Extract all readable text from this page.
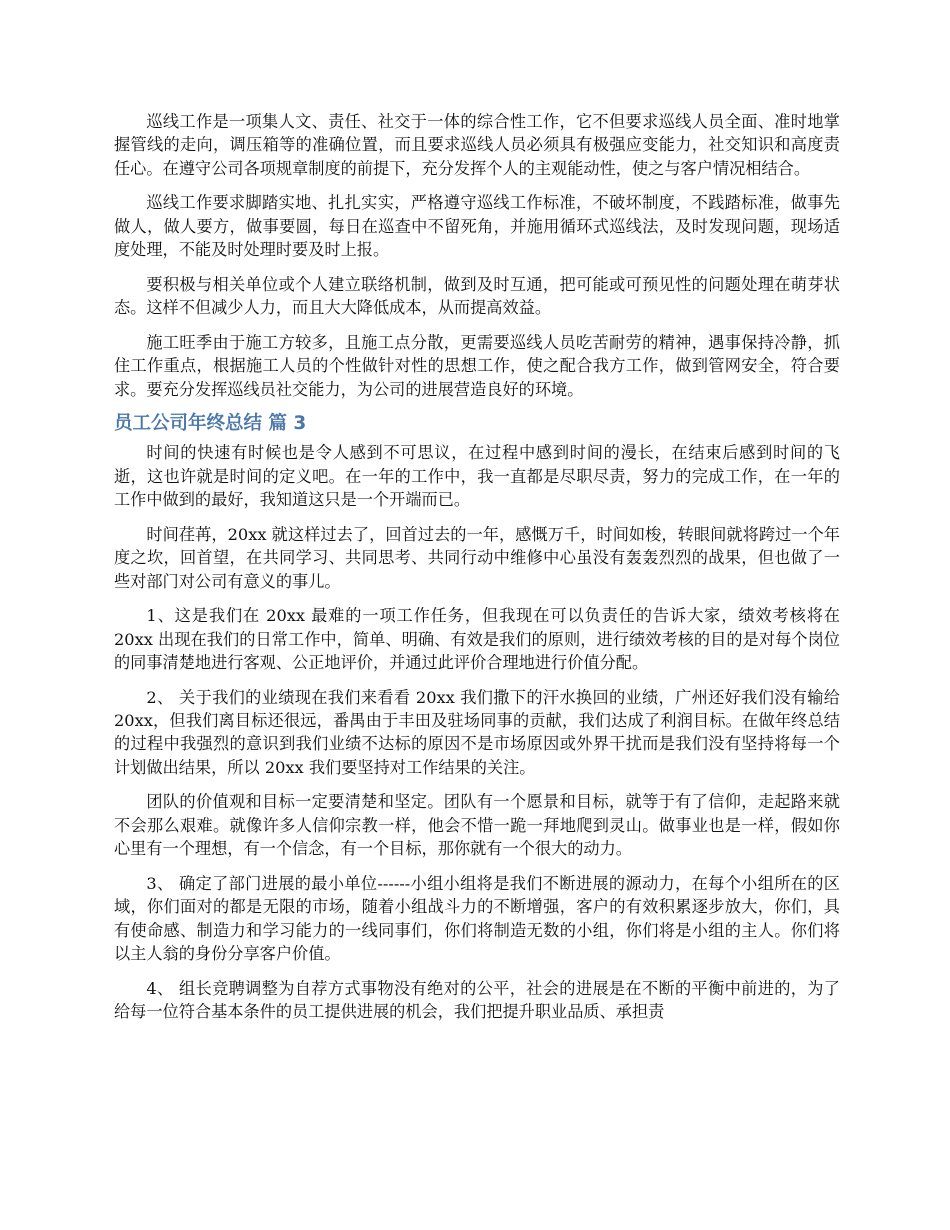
巡线工作是一项集人文、责任、社交于一体的综合性工作，它不但要求巡线人员全面、准时地掌握管线的走向，调压箱等的准确位置，而且要求巡线人员必须具有极强应变能力，社交知识和高度责任心。在遵守公司各项规章制度的前提下，充分发挥个人的主观能动性，使之与客户情况相结合。

巡线工作要求脚踏实地、扎扎实实，严格遵守巡线工作标准，不破坏制度，不践踏标准，做事先做人，做人要方，做事要圆，每日在巡查中不留死角，并施用循环式巡线法，及时发现问题，现场适度处理，不能及时处理时要及时上报。

要积极与相关单位或个人建立联络机制，做到及时互通，把可能或可预见性的问题处理在萌芽状态。这样不但减少人力，而且大大降低成本，从而提高效益。

施工旺季由于施工方较多，且施工点分散，更需要巡线人员吃苦耐劳的精神，遇事保持冷静，抓住工作重点，根据施工人员的个性做针对性的思想工作，使之配合我方工作，做到管网安全，符合要求。要充分发挥巡线员社交能力，为公司的进展营造良好的环境。

员工公司年终总结 篇 3

时间的快速有时候也是令人感到不可思议，在过程中感到时间的漫长，在结束后感到时间的飞逝，这也许就是时间的定义吧。在一年的工作中，我一直都是尽职尽责，努力的完成工作，在一年的工作中做到的最好，我知道这只是一个开端而已。

时间荏苒，20xx 就这样过去了，回首过去的一年，感慨万千，时间如梭，转眼间就将跨过一个年度之坎，回首望，在共同学习、共同思考、共同行动中维修中心虽没有轰轰烈烈的战果，但也做了一些对部门对公司有意义的事儿。

1、这是我们在 20xx 最难的一项工作任务，但我现在可以负责任的告诉大家，绩效考核将在 20xx 出现在我们的日常工作中，简单、明确、有效是我们的原则，进行绩效考核的目的是对每个岗位的同事清楚地进行客观、公正地评价，并通过此评价合理地进行价值分配。

2、 关于我们的业绩现在我们来看看 20xx 我们撒下的汗水换回的业绩，广州还好我们没有输给 20xx，但我们离目标还很远，番禺由于丰田及驻场同事的贡献，我们达成了利润目标。在做年终总结的过程中我强烈的意识到我们业绩不达标的原因不是市场原因或外界干扰而是我们没有坚持将每一个计划做出结果，所以 20xx 我们要坚持对工作结果的关注。

团队的价值观和目标一定要清楚和坚定。团队有一个愿景和目标，就等于有了信仰，走起路来就不会那么艰难。就像许多人信仰宗教一样，他会不惜一跪一拜地爬到灵山。做事业也是一样，假如你心里有一个理想，有一个信念，有一个目标，那你就有一个很大的动力。

3、 确定了部门进展的最小单位------小组小组将是我们不断进展的源动力，在每个小组所在的区域，你们面对的都是无限的市场，随着小组战斗力的不断增强，客户的有效积累逐步放大，你们，具有使命感、制造力和学习能力的一线同事们，你们将制造无数的小组，你们将是小组的主人。你们将以主人翁的身份分享客户价值。

4、 组长竞聘调整为自荐方式事物没有绝对的公平，社会的进展是在不断的平衡中前进的，为了给每一位符合基本条件的员工提供进展的机会，我们把提升职业品质、承担责
